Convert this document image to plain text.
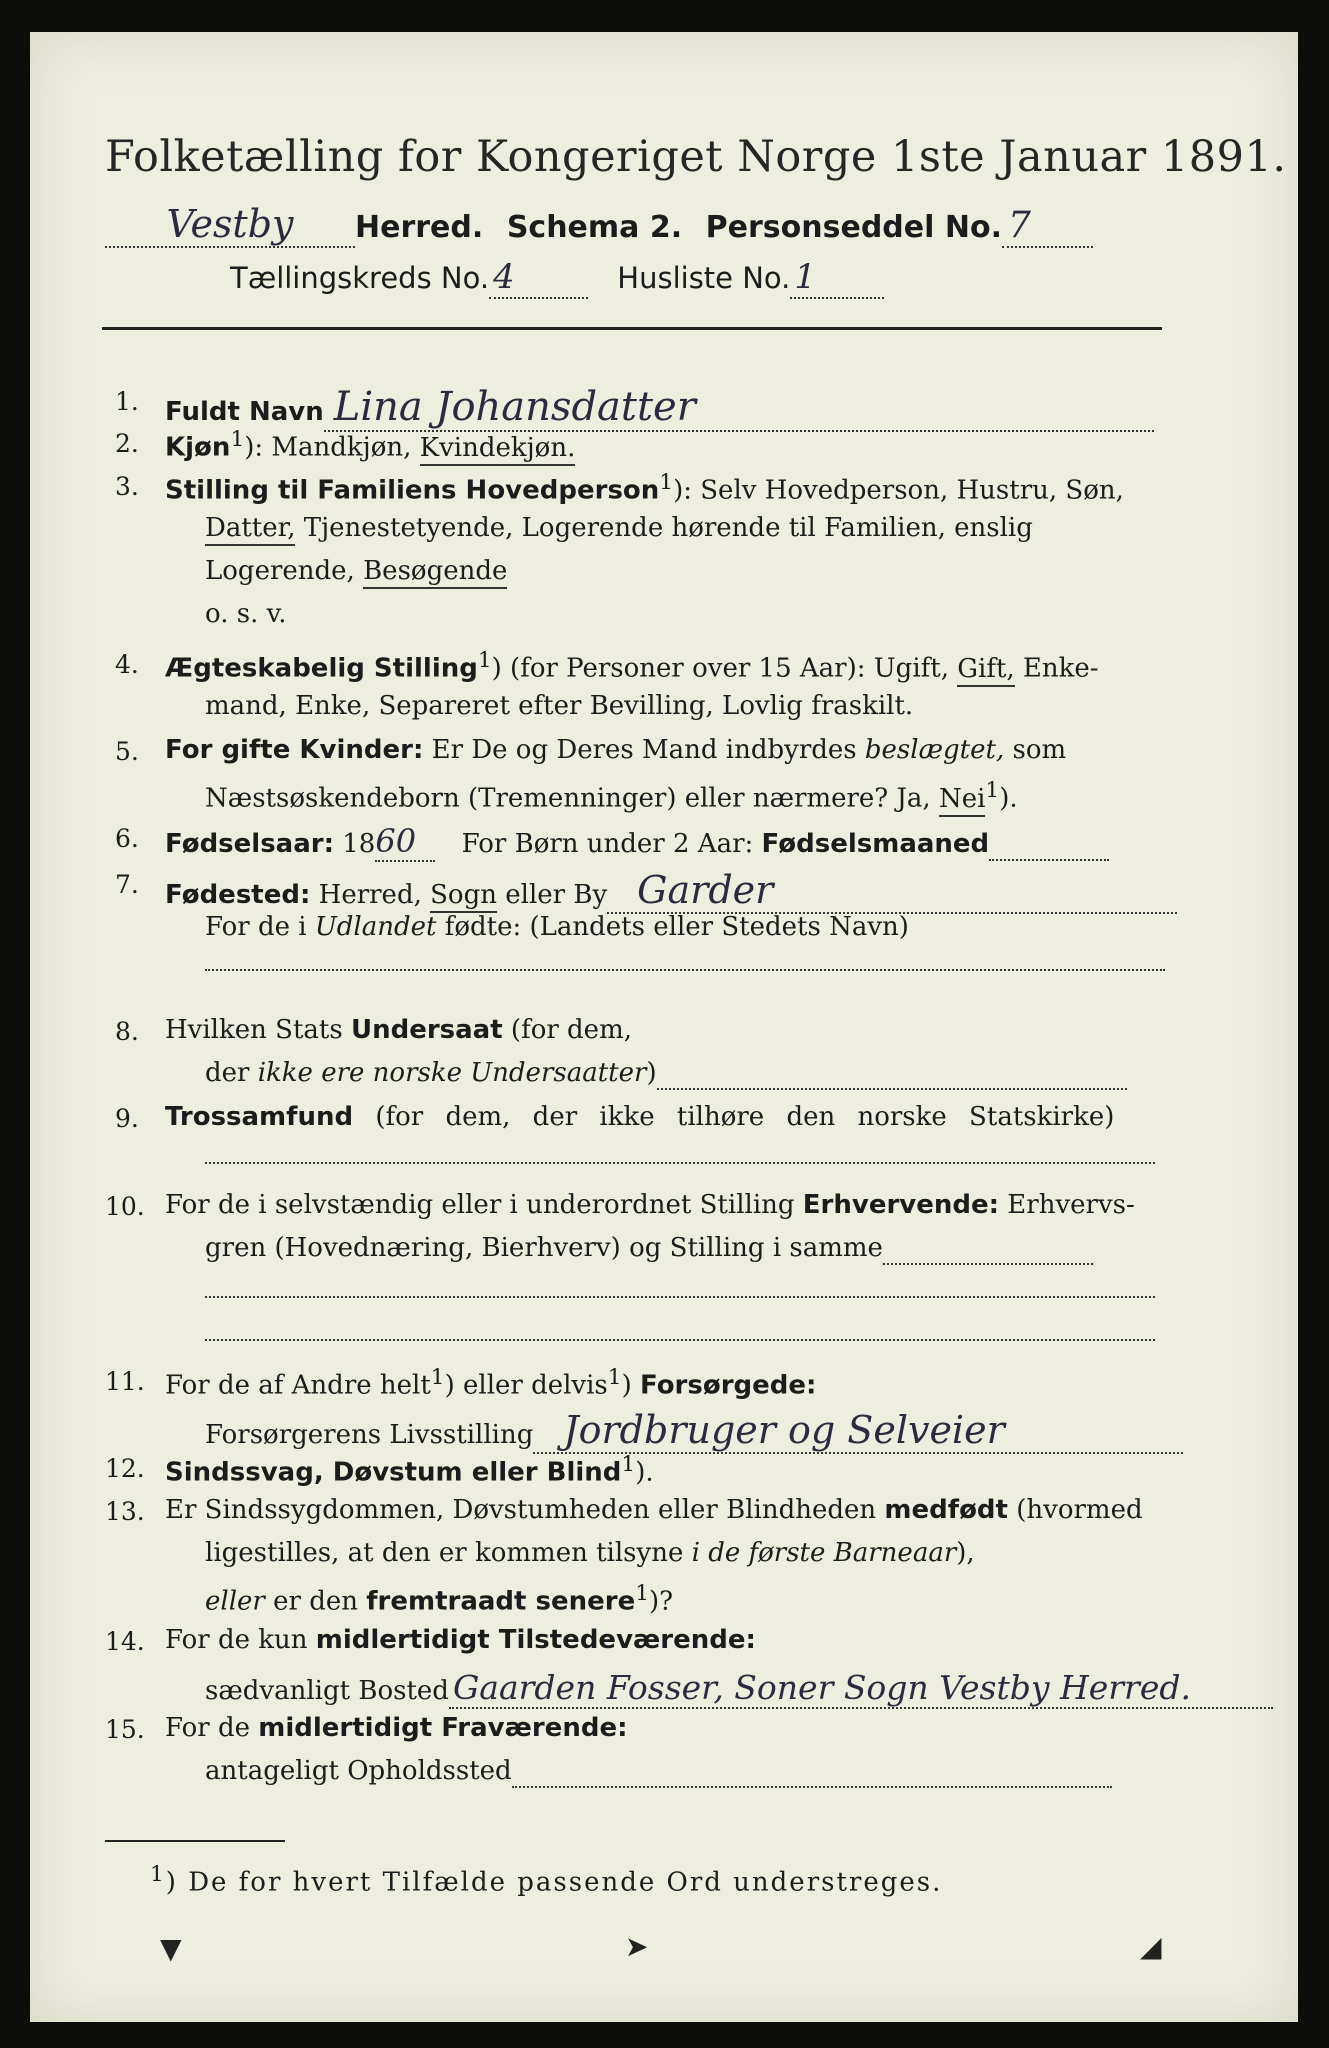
Folketælling for Kongeriget Norge 1ste Januar 1891.
Vestby Herred. Schema 2. Personseddel No. 7
Tællingskreds No. 4	Husliste No. 1
1. Fuldt Navn Lina Johansdatter
2. Kjøn$^1$): Mandkjøn, Kvindekjøn.
3. Stilling til Familiens Hovedperson$^1$): Selv Hovedperson, Hustru, Søn,
Datter, Tjenestetyende, Logerende hørende til Familien, enslig
Logerende, Besøgende
o. s. v.
4. Ægteskabelig Stilling$^1$) (for Personer over 15 Aar): Ugift, Gift, Enke-
mand, Enke, Separeret efter Bevilling, Lovlig fraskilt.
5. For gifte Kvinder: Er De og Deres Mand indbyrdes beslægtet, som
Næstsøskendeborn (Tremenninger) eller nærmere? Ja, Nei$^1$).
6. Fødselsaar: 1860 For Børn under 2 Aar: Fødselsmaaned
7. Fødested: Herred, Sogn eller By Garder
For de i Udlandet fødte: (Landets eller Stedets Navn)
8. Hvilken Stats Undersaat (for dem,
der ikke ere norske Undersaatter)
9. Trossamfund (for dem, der ikke tilhøre den norske Statskirke)
10. For de i selvstændig eller i underordnet Stilling Erhvervende: Erhvervs-
gren (Hovednæring, Bierhverv) og Stilling i samme
11. For de af Andre helt$^1$) eller delvis$^1$) Forsørgede:
Forsørgerens Livsstilling Jordbruger og Selveier
12. Sindssvag, Døvstum eller Blind$^1$).
13. Er Sindssygdommen, Døvstumheden eller Blindheden medfødt (hvormed
ligestilles, at den er kommen tilsyne i de første Barneaar),
eller er den fremtraadt senere$^1$)?
14. For de kun midlertidigt Tilstedeværende:
sædvanligt Bosted Gaarden Fosser, Soner Sogn Vestby Herred.
15. For de midlertidigt Fraværende:
antageligt Opholdssted
$^1$) De for hvert Tilfælde passende Ord understreges.
▼	➤	◢
